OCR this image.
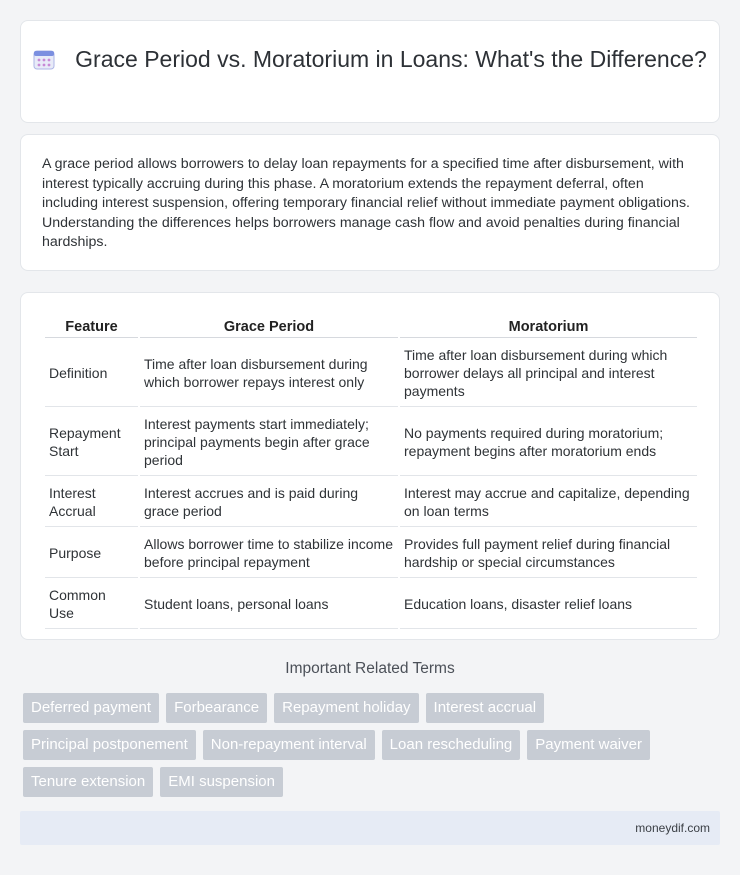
Grace Period vs. Moratorium in Loans: What's the Difference?

A grace period allows borrowers to delay loan repayments for a specified time after disbursement, with interest typically accruing during this phase. A moratorium extends the repayment deferral, often including interest suspension, offering temporary financial relief without immediate payment obligations. Understanding the differences helps borrowers manage cash flow and avoid penalties during financial hardships.

Feature	Grace Period	Moratorium
Definition	Time after loan disbursement during which borrower repays interest only	Time after loan disbursement during which borrower delays all principal and interest payments
Repayment Start	Interest payments start immediately; principal payments begin after grace period	No payments required during moratorium; repayment begins after moratorium ends
Interest Accrual	Interest accrues and is paid during grace period	Interest may accrue and capitalize, depending on loan terms
Purpose	Allows borrower time to stabilize income before principal repayment	Provides full payment relief during financial hardship or special circumstances
Common Use	Student loans, personal loans	Education loans, disaster relief loans
Important Related Terms
Deferred payment	Forbearance	Repayment holiday	Interest accrual
Principal postponement	Non-repayment interval	Loan rescheduling	Payment waiver
Tenure extension	EMI suspension
moneydif.com
